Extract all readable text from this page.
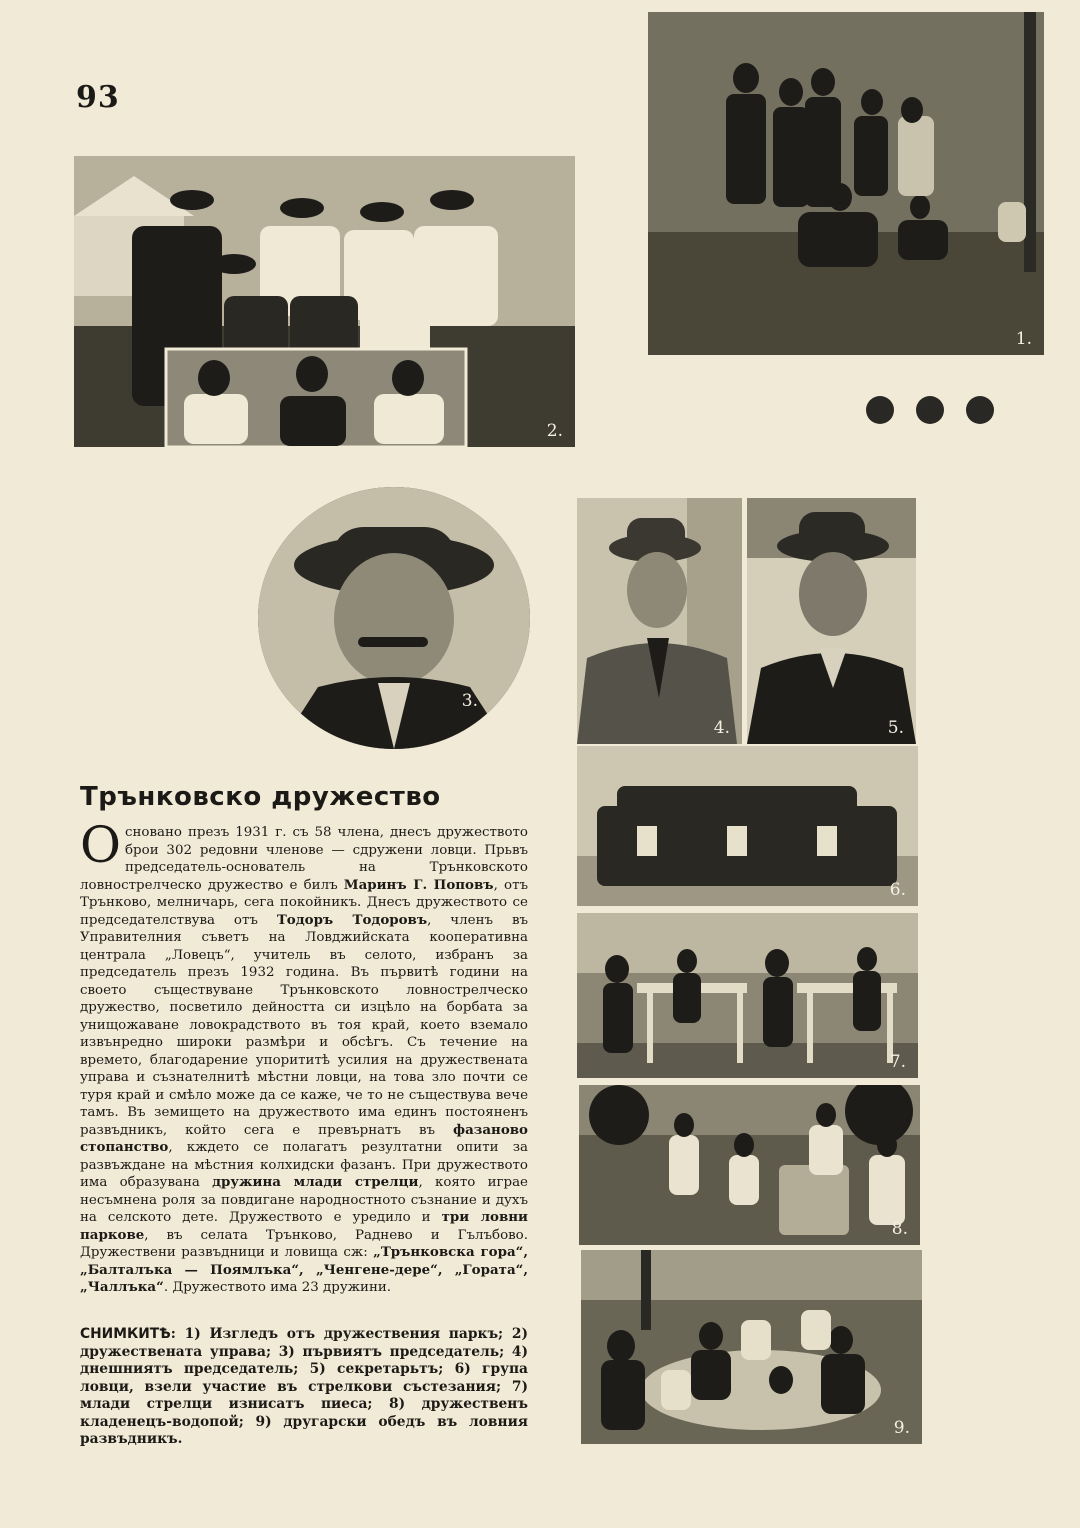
93
1.
2.
3.
4.	5.
6.
7.
8.
9.
Трънковско дружество

Основано презъ 1931 г. съ 58 члена, днесъ дружеството брои 302 редовни членове — сдружени ловци. Прьвъ председатель-основатель на Трънковското ловнострелческо дружество е билъ Маринъ Г. Поповъ, отъ Трънково, мелничарь, сега покойникъ. Днесъ дружеството се председателствува отъ Тодоръ Тодоровъ, членъ въ Управителния съветъ на Ловджийската кооперативна централа „Ловецъ“, учитель въ селото, избранъ за председатель презъ 1932 година. Въ първитѣ години на своето съществуване Трънковското ловнострелческо дружество, посветило дейността си изцѣло на борбата за унищожаване ловокрадството въ тоя край, което вземало извънредно широки размѣри и обсѣгъ. Съ течение на времето, благодарение упорититѣ усилия на дружествената управа и съзнателнитѣ мѣстни ловци, на това зло почти се туря край и смѣло може да се каже, че то не съществува вече тамъ. Въ земището на дружеството има единъ постояненъ развъдникъ, който сега е превърнатъ въ фазаново стопанство, кждето се полагатъ резултатни опити за развъждане на мѣстния колхидски фазанъ. При дружеството има образувана дружина млади стрелци, която играе несъмнена роля за повдигане народностното съзнание и духъ на селското дете. Дружеството е уредило и три ловни паркове, въ селата Трънково, Раднево и Гълъбово. Дружествени развъдници и ловища сж: „Трънковска гора“, „Балталъка — Поямлъка“, „Ченгене-дере“, „Гората“, „Чаллъка“. Дружеството има 23 дружини.

СНИМКИТѢ: 1) Изгледъ отъ дружествения паркъ; 2) дружествената управа; 3) първиятъ председатель; 4) днешниятъ председатель; 5) секретарьтъ; 6) група ловци, взели участие въ стрелкови състезания; 7) млади стрелци изнисатъ пиеса; 8) дружественъ кладенецъ-водопой; 9) другарски обедъ въ ловния развъдникъ.
